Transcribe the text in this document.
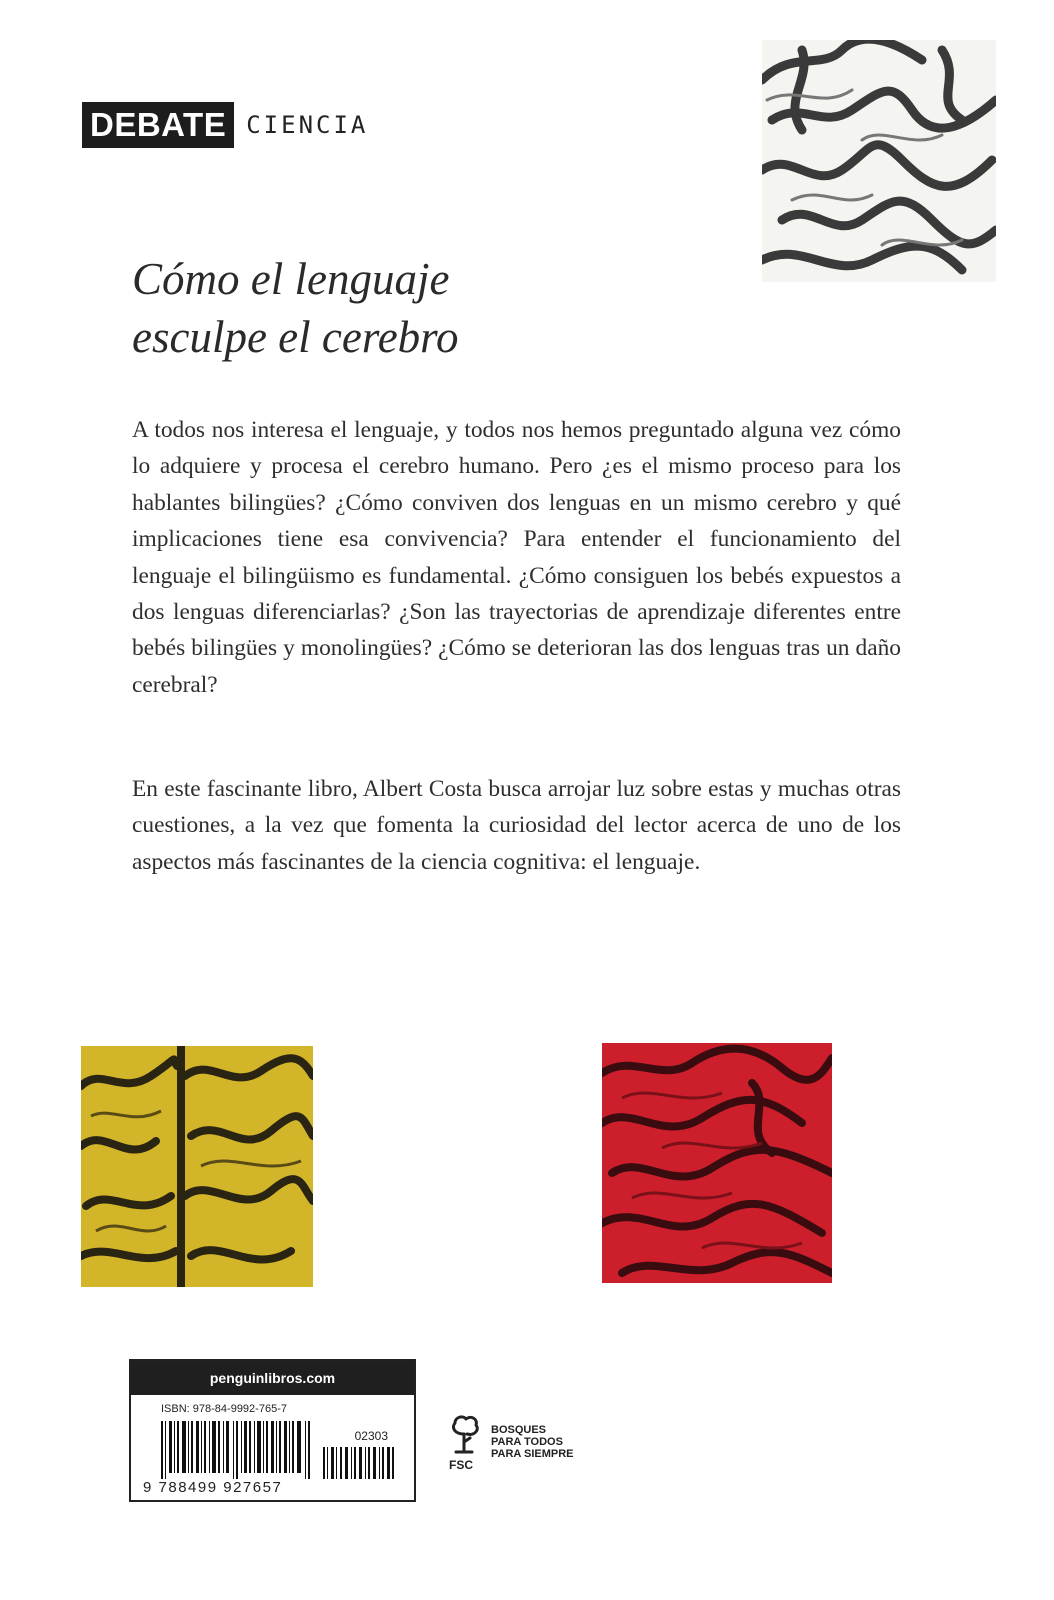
DEBATE CIENCIA
Cómo el lenguaje
esculpe el cerebro

A todos nos interesa el lenguaje, y todos nos hemos preguntado alguna vez cómo lo adquiere y procesa el cerebro humano. Pero ¿es el mismo proceso para los hablantes bilingües? ¿Cómo conviven dos lenguas en un mismo cerebro y qué implicaciones tiene esa convivencia? Para entender el funcionamiento del lenguaje el bilingüismo es fundamental. ¿Cómo consiguen los bebés expuestos a dos lenguas diferenciarlas? ¿Son las trayectorias de aprendizaje diferentes entre bebés bilingües y monolingües? ¿Cómo se deterioran las dos lenguas tras un daño cerebral?

En este fascinante libro, Albert Costa busca arrojar luz sobre estas y muchas otras cuestiones, a la vez que fomenta la curiosidad del lector acerca de uno de los aspectos más fascinantes de la ciencia cognitiva: el lenguaje.

penguinlibros.com
ISBN: 978-84-9992-765-7
02303
9 788499 927657
FSC
BOSQUES
PARA TODOS
PARA SIEMPRE
